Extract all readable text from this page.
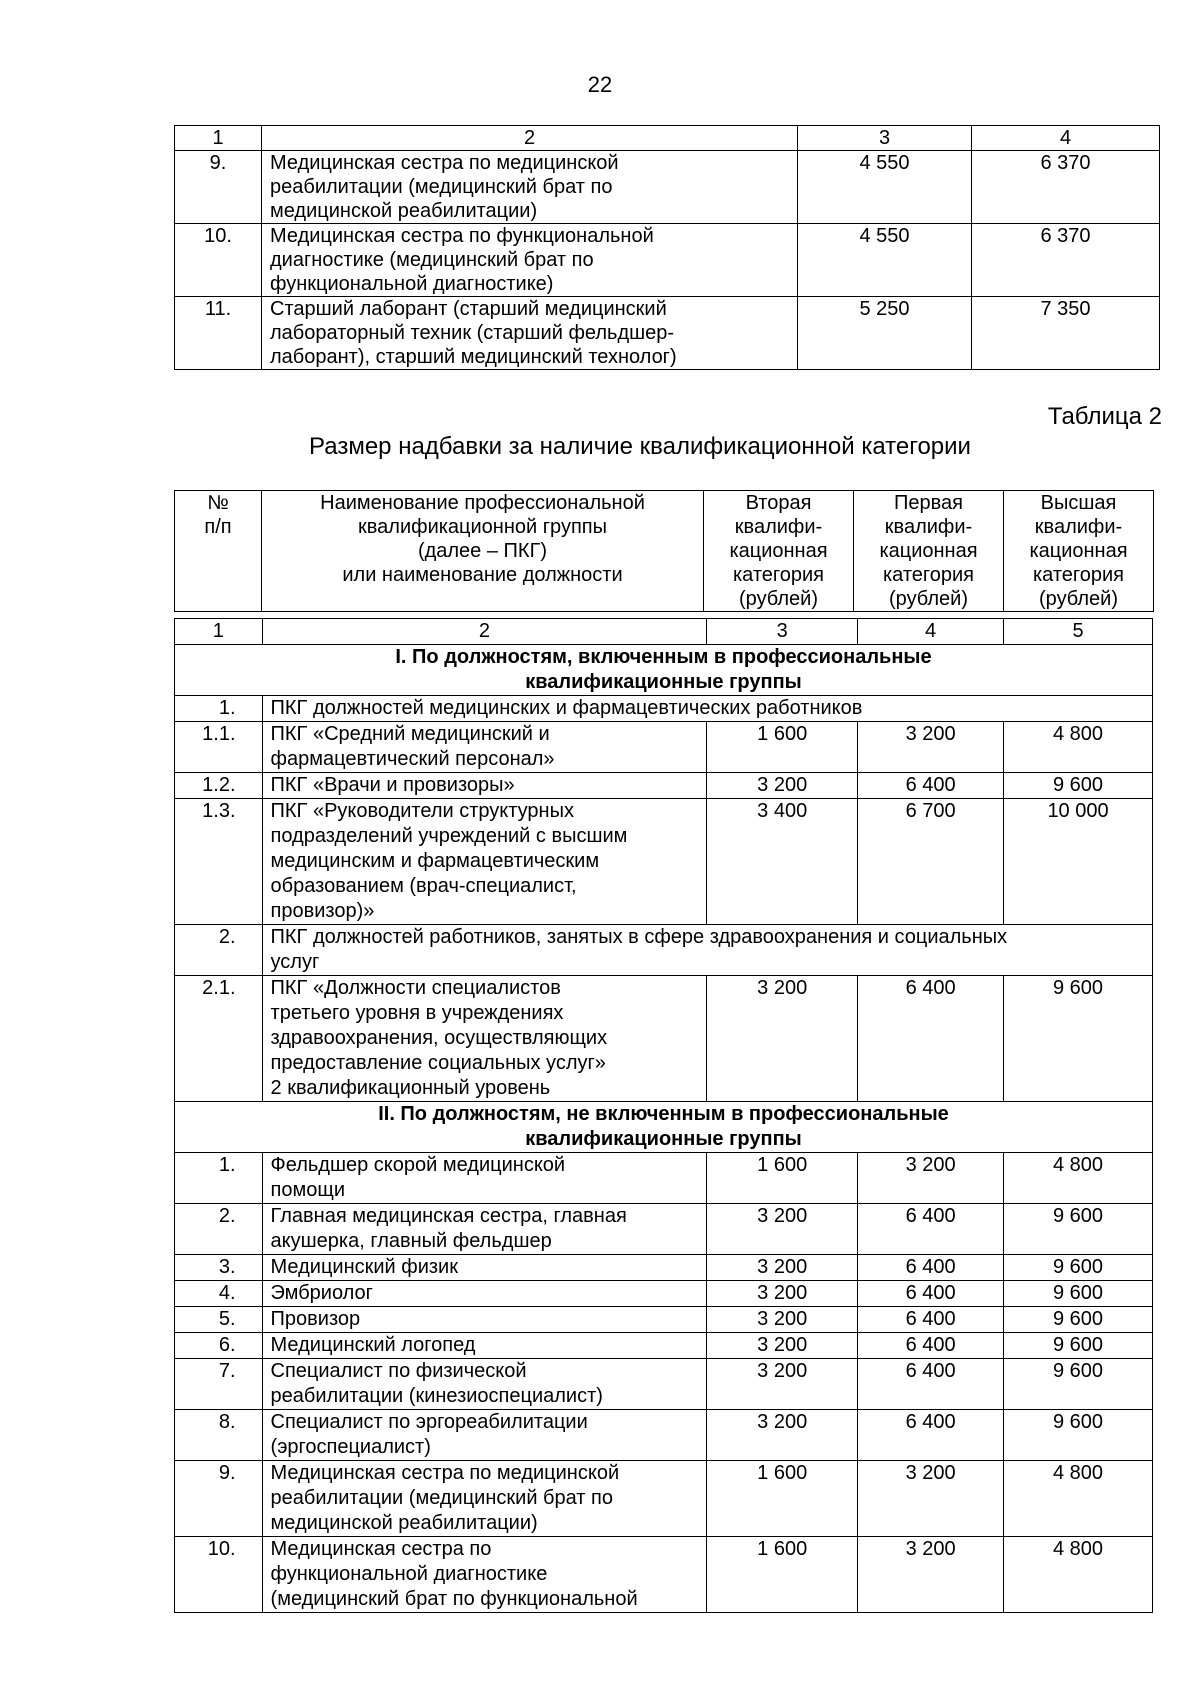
22
1	2	3	4
9.	Медицинская сестра по медицинской
реабилитации (медицинский брат по
медицинской реабилитации)	4 550	6 370
10.	Медицинская сестра по функциональной
диагностике (медицинский брат по
функциональной диагностике)	4 550	6 370
11.	Старший лаборант (старший медицинский
лабораторный техник (старший фельдшер-
лаборант), старший медицинский технолог)	5 250	7 350
Таблица 2
Размер надбавки за наличие квалификационной категории
№
п/п

Наименование профессиональной
квалификационной группы
(далее – ПКГ)
или наименование должности

Вторая
квалифи-
кационная
категория
(рублей)

Первая
квалифи-
кационная
категория
(рублей)

Высшая
квалифи-
кационная
категория
(рублей)
1	2	3	4	5

I. По должностям, включенным в профессиональные
квалификационные группы				

1.	ПКГ должностей медицинских и фармацевтических работников			
1.1.	ПКГ «Средний медицинский и
фармацевтический персонал»	1 600	3 200	4 800
1.2.	ПКГ «Врачи и провизоры»	3 200	6 400	9 600
1.3.	ПКГ «Руководители структурных
подразделений учреждений с высшим
медицинским и фармацевтическим
образованием (врач-специалист,
провизор)»	3 400	6 700	10 000
2.	ПКГ должностей работников, занятых в сфере здравоохранения и социальных
услуг			

2.1.	ПКГ «Должности специалистов
третьего уровня в учреждениях
здравоохранения, осуществляющих
предоставление социальных услуг»
2 квалификационный уровень	3 200	6 400	9 600

II. По должностям, не включенным в профессиональные
квалификационные группы				

1.	Фельдшер скорой медицинской
помощи	1 600	3 200	4 800
2.	Главная медицинская сестра, главная
акушерка, главный фельдшер	3 200	6 400	9 600
3.	Медицинский физик	3 200	6 400	9 600
4.	Эмбриолог	3 200	6 400	9 600
5.	Провизор	3 200	6 400	9 600
6.	Медицинский логопед	3 200	6 400	9 600
7.	Специалист по физической
реабилитации (кинезиоспециалист)	3 200	6 400	9 600
8.	Специалист по эргореабилитации
(эргоспециалист)	3 200	6 400	9 600
9.	Медицинская сестра по медицинской
реабилитации (медицинский брат по
медицинской реабилитации)	1 600	3 200	4 800
10.	Медицинская сестра по
функциональной диагностике
(медицинский брат по функциональной	1 600	3 200	4 800
